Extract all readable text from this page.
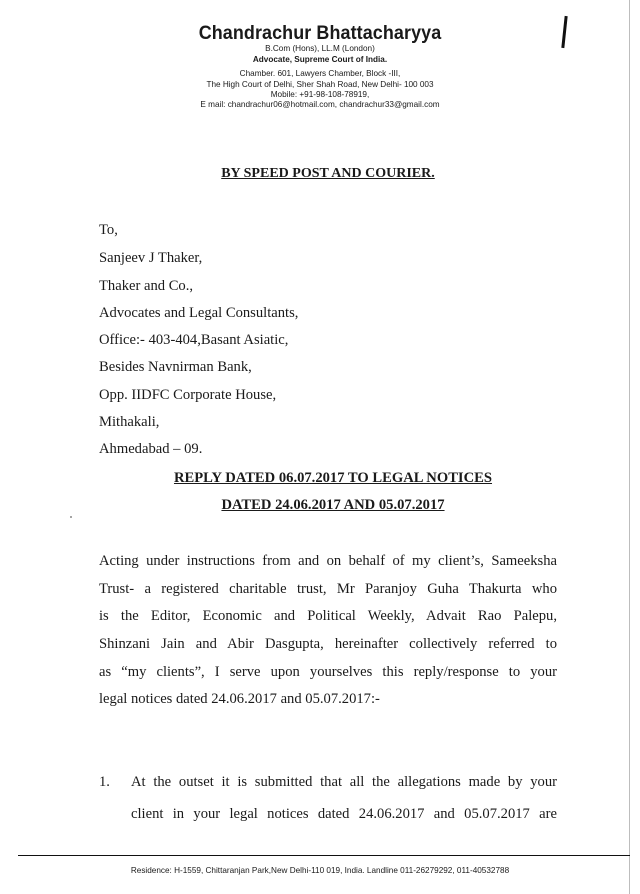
Chandrachur Bhattacharyya
B.Com (Hons), LL.M (London)
Advocate, Supreme Court of India.
Chamber. 601, Lawyers Chamber, Block -III,
The High Court of Delhi, Sher Shah Road, New Delhi- 100 003
Mobile: +91-98-108-78919,
E mail: chandrachur06@hotmail.com, chandrachur33@gmail.com
BY SPEED POST AND COURIER.
To,
Sanjeev J Thaker,
Thaker and Co.,
Advocates and Legal Consultants,
Office:- 403-404,Basant Asiatic,
Besides Navnirman Bank,
Opp. IIDFC Corporate House,
Mithakali,
Ahmedabad – 09.
REPLY DATED 06.07.2017 TO LEGAL NOTICES
DATED 24.06.2017 AND 05.07.2017
Acting under instructions from and on behalf of my client’s, Sameeksha
Trust- a registered charitable trust, Mr Paranjoy Guha Thakurta who
is the Editor, Economic and Political Weekly, Advait Rao Palepu,
Shinzani Jain and Abir Dasgupta, hereinafter collectively referred to
as “my clients”, I serve upon yourselves this reply/response to your
legal notices dated 24.06.2017 and 05.07.2017:-
1. At the outset it is submitted that all the allegations made by your
client in your legal notices dated 24.06.2017 and 05.07.2017 are
Residence: H-1559, Chittaranjan Park,New Delhi-110 019, India. Landline 011-26279292, 011-40532788
